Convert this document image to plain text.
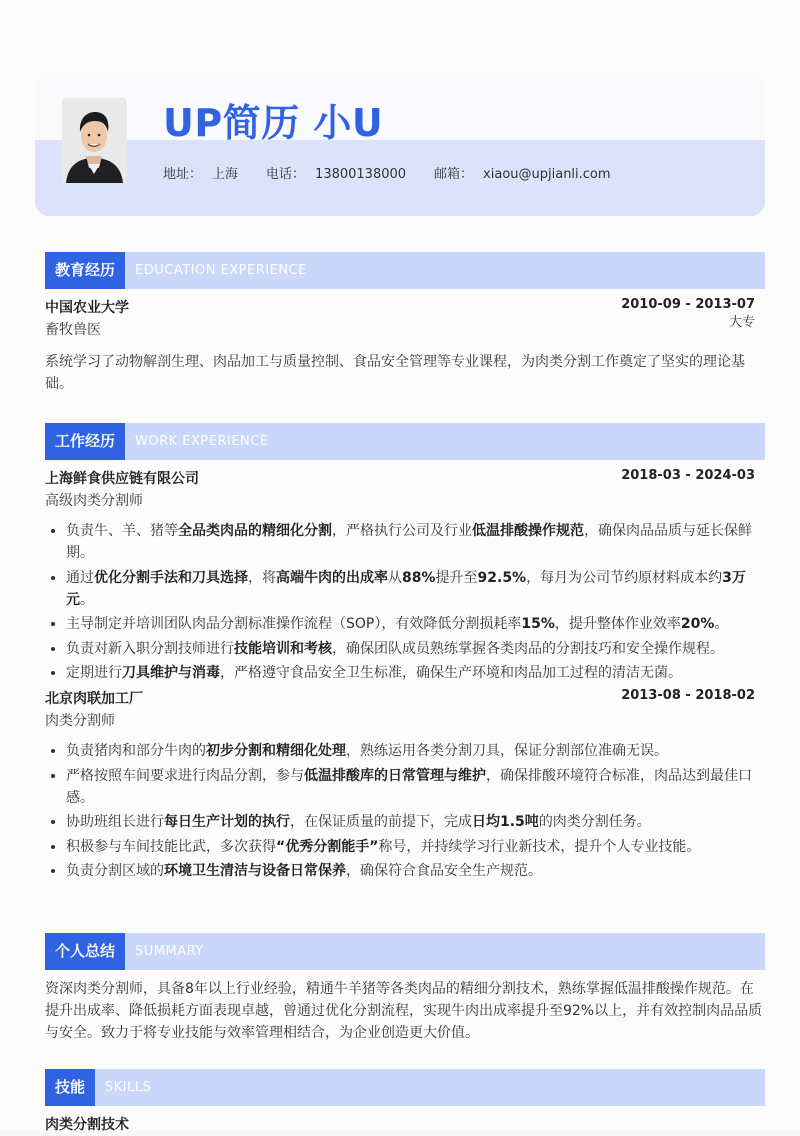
UP简历 小U
地址： 上海 电话： 13800138000 邮箱： xiaou@upjianli.com
教育经历	EDUCATION EXPERIENCE
中国农业大学	2010-09 - 2013-07
畜牧兽医	大专
系统学习了动物解剖生理、肉品加工与质量控制、食品安全管理等专业课程，为肉类分割工作奠定了坚实的理论基础。
工作经历	WORK EXPERIENCE
上海鲜食供应链有限公司	2018-03 - 2024-03
高级肉类分割师
• 负责牛、羊、猪等全品类肉品的精细化分割，严格执行公司及行业低温排酸操作规范，确保肉品品质与延长保鲜期。
• 通过优化分割手法和刀具选择，将高端牛肉的出成率从88%提升至92.5%，每月为公司节约原材料成本约3万元。
• 主导制定并培训团队肉品分割标准操作流程（SOP），有效降低分割损耗率15%，提升整体作业效率20%。
• 负责对新入职分割技师进行技能培训和考核，确保团队成员熟练掌握各类肉品的分割技巧和安全操作规程。
• 定期进行刀具维护与消毒，严格遵守食品安全卫生标准，确保生产环境和肉品加工过程的清洁无菌。
北京肉联加工厂	2013-08 - 2018-02
肉类分割师
• 负责猪肉和部分牛肉的初步分割和精细化处理，熟练运用各类分割刀具，保证分割部位准确无误。
• 严格按照车间要求进行肉品分割，参与低温排酸库的日常管理与维护，确保排酸环境符合标准，肉品达到最佳口感。
• 协助班组长进行每日生产计划的执行，在保证质量的前提下，完成日均1.5吨的肉类分割任务。
• 积极参与车间技能比武，多次获得“优秀分割能手”称号，并持续学习行业新技术，提升个人专业技能。
• 负责分割区域的环境卫生清洁与设备日常保养，确保符合食品安全生产规范。
个人总结	SUMMARY
资深肉类分割师，具备8年以上行业经验，精通牛羊猪等各类肉品的精细分割技术，熟练掌握低温排酸操作规范。在提升出成率、降低损耗方面表现卓越，曾通过优化分割流程，实现牛肉出成率提升至92%以上，并有效控制肉品品质与安全。致力于将专业技能与效率管理相结合，为企业创造更大价值。
技能	SKILLS
肉类分割技术
